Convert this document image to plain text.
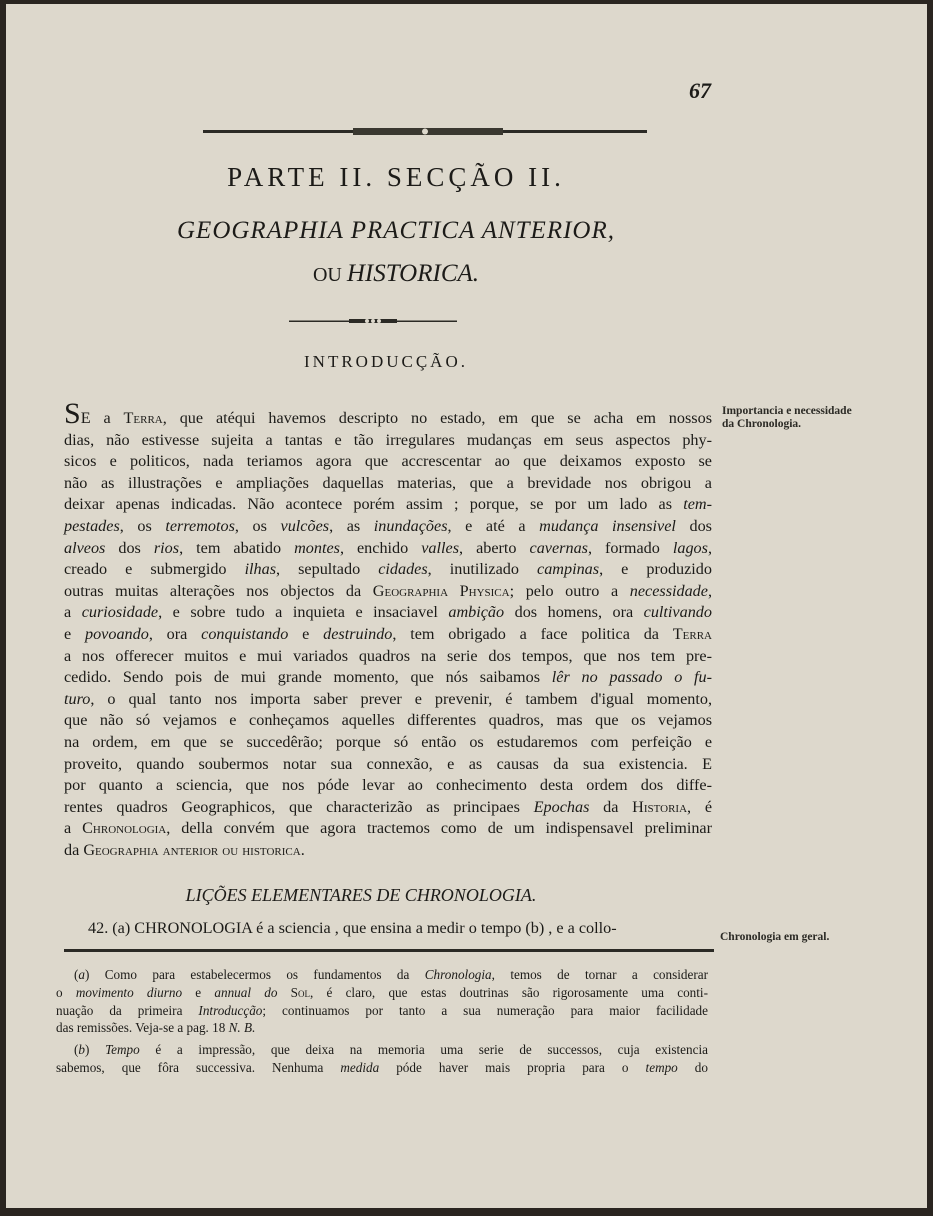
67
PARTE II. SECÇÃO II.
GEOGRAPHIA PRACTICA ANTERIOR,
OU HISTORICA.
INTRODUCÇÃO.

SE a Terra, que atéqui havemos descripto no estado, em que se acha em nossos

dias, não estivesse sujeita a tantas e tão irregulares mudanças em seus aspectos phy-

sicos e politicos, nada teriamos agora que accrescentar ao que deixamos exposto se

não as illustrações e ampliações daquellas materias, que a brevidade nos obrigou a

deixar apenas indicadas. Não acontece porém assim ; porque, se por um lado as tem-

pestades, os terremotos, os vulcões, as inundações, e até a mudança insensivel dos

alveos dos rios, tem abatido montes, enchido valles, aberto cavernas, formado lagos,

creado e submergido ilhas, sepultado cidades, inutilizado campinas, e produzido

outras muitas alterações nos objectos da Geographia Physica; pelo outro a necessidade,

a curiosidade, e sobre tudo a inquieta e insaciavel ambição dos homens, ora cultivando

e povoando, ora conquistando e destruindo, tem obrigado a face politica da Terra

a nos offerecer muitos e mui variados quadros na serie dos tempos, que nos tem pre-

cedido. Sendo pois de mui grande momento, que nós saibamos lêr no passado o fu-

turo, o qual tanto nos importa saber prever e prevenir, é tambem d'igual momento,

que não só vejamos e conheçamos aquelles differentes quadros, mas que os vejamos

na ordem, em que se succedêrão; porque só então os estudaremos com perfeição e

proveito, quando soubermos notar sua connexão, e as causas da sua existencia. E

por quanto a sciencia, que nos póde levar ao conhecimento desta ordem dos diffe-

rentes quadros Geographicos, que characterizão as principaes Epochas da Historia, é

a Chronologia, della convém que agora tractemos como de um indispensavel preliminar

da Geographia anterior ou historica.

Importancia e necessidade da Chronologia.
LIÇÕES ELEMENTARES DE CHRONOLOGIA.
42. (a) CHRONOLOGIA é a sciencia , que ensina a medir o tempo (b) , e a collo-	Chronologia em geral.

(a) Como para estabelecermos os fundamentos da Chronologia, temos de tornar a considerar

o movimento diurno e annual do Sol, é claro, que estas doutrinas são rigorosamente uma conti-

nuação da primeira Introducção; continuamos por tanto a sua numeração para maior facilidade

das remissões. Veja-se a pag. 18 N. B.

(b) Tempo é a impressão, que deixa na memoria uma serie de successos, cuja existencia

sabemos, que fôra successiva. Nenhuma medida póde haver mais propria para o tempo do
